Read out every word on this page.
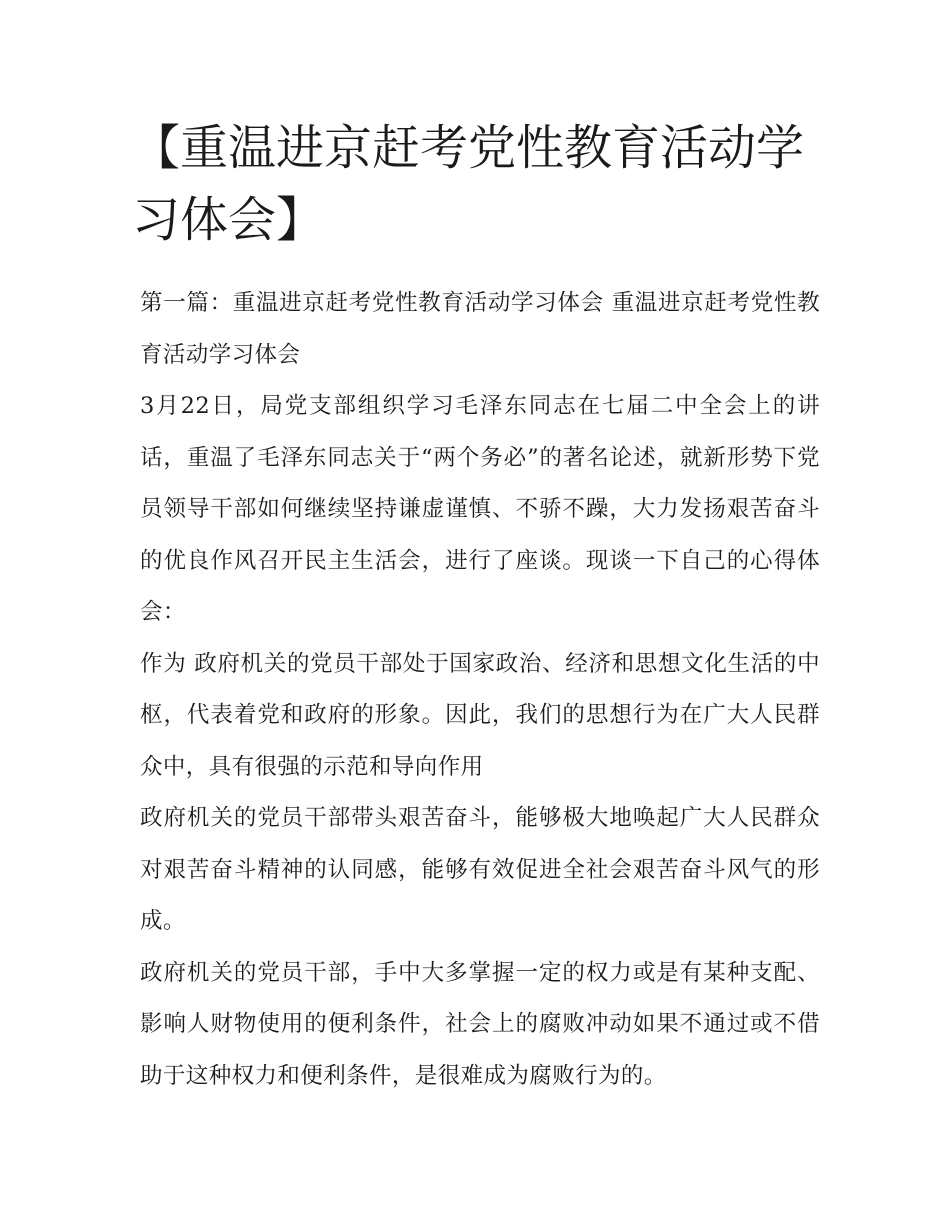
【重温进京赶考党性教育活动学习体会】

第一篇：重温进京赶考党性教育活动学习体会 重温进京赶考党性教育活动学习体会

3月22日，局党支部组织学习毛泽东同志在七届二中全会上的讲话，重温了毛泽东同志关于“两个务必”的著名论述，就新形势下党员领导干部如何继续坚持谦虚谨慎、不骄不躁，大力发扬艰苦奋斗的优良作风召开民主生活会，进行了座谈。现谈一下自己的心得体会：

作为 政府机关的党员干部处于国家政治、经济和思想文化生活的中枢，代表着党和政府的形象。因此，我们的思想行为在广大人民群众中，具有很强的示范和导向作用

政府机关的党员干部带头艰苦奋斗，能够极大地唤起广大人民群众对艰苦奋斗精神的认同感，能够有效促进全社会艰苦奋斗风气的形成。

政府机关的党员干部，手中大多掌握一定的权力或是有某种支配、影响人财物使用的便利条件，社会上的腐败冲动如果不通过或不借助于这种权力和便利条件，是很难成为腐败行为的。
